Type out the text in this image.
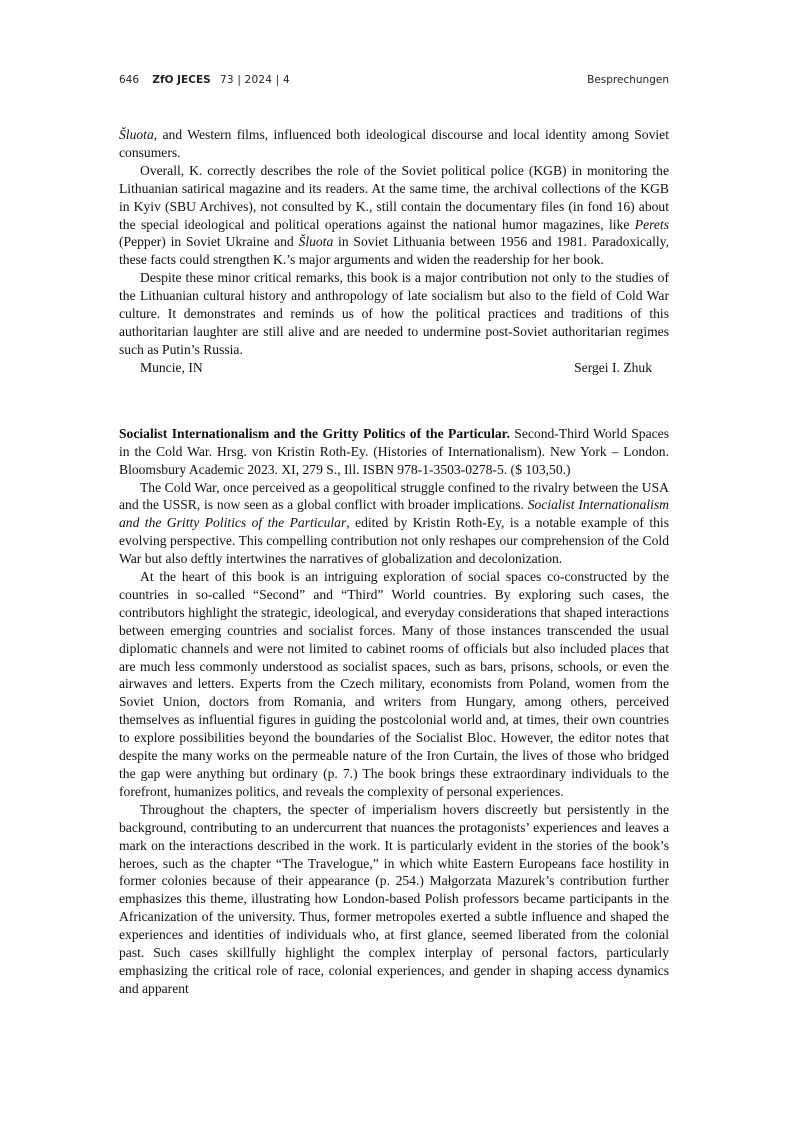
646 ZfO JECES 73 | 2024 | 4	Besprechungen

Šluota, and Western films, influenced both ideological discourse and local identity among Soviet consumers.

Overall, K. correctly describes the role of the Soviet political police (KGB) in monitoring the Lithuanian satirical magazine and its readers. At the same time, the archival collections of the KGB in Kyiv (SBU Archives), not consulted by K., still contain the documentary files (in fond 16) about the special ideological and political operations against the national humor magazines, like Perets (Pepper) in Soviet Ukraine and Šluota in Soviet Lithuania between 1956 and 1981. Paradoxically, these facts could strengthen K.’s major arguments and widen the readership for her book.

Despite these minor critical remarks, this book is a major contribution not only to the studies of the Lithuanian cultural history and anthropology of late socialism but also to the field of Cold War culture. It demonstrates and reminds us of how the political practices and traditions of this authoritarian laughter are still alive and are needed to undermine post-Soviet authoritarian regimes such as Putin’s Russia.

Muncie, IN	Sergei I. Zhuk

Socialist Internationalism and the Gritty Politics of the Particular. Second-Third World Spaces in the Cold War. Hrsg. von Kristin Roth-Ey. (Histories of Internationalism). New York – London. Bloomsbury Academic 2023. XI, 279 S., Ill. ISBN 978-1-3503-0278-5. ($ 103,50.)

The Cold War, once perceived as a geopolitical struggle confined to the rivalry between the USA and the USSR, is now seen as a global conflict with broader implications. Socialist Internationalism and the Gritty Politics of the Particular, edited by Kristin Roth-Ey, is a notable example of this evolving perspective. This compelling contribution not only reshapes our comprehension of the Cold War but also deftly intertwines the narratives of globalization and decolonization.

At the heart of this book is an intriguing exploration of social spaces co-constructed by the countries in so-called “Second” and “Third” World countries. By exploring such cases, the contributors highlight the strategic, ideological, and everyday considerations that shaped interactions between emerging countries and socialist forces. Many of those instances transcended the usual diplomatic channels and were not limited to cabinet rooms of officials but also included places that are much less commonly understood as socialist spaces, such as bars, prisons, schools, or even the airwaves and letters. Experts from the Czech military, economists from Poland, women from the Soviet Union, doctors from Romania, and writers from Hungary, among others, perceived themselves as influential figures in guiding the postcolonial world and, at times, their own countries to explore possibilities beyond the boundaries of the Socialist Bloc. However, the editor notes that despite the many works on the permeable nature of the Iron Curtain, the lives of those who bridged the gap were anything but ordinary (p. 7.) The book brings these extraordinary individuals to the forefront, humanizes politics, and reveals the complexity of personal experiences.

Throughout the chapters, the specter of imperialism hovers discreetly but persistently in the background, contributing to an undercurrent that nuances the protagonists’ experiences and leaves a mark on the interactions described in the work. It is particularly evident in the stories of the book’s heroes, such as the chapter “The Travelogue,” in which white Eastern Europeans face hostility in former colonies because of their appearance (p. 254.) Małgorzata Mazurek’s contribution further emphasizes this theme, illustrating how London-based Polish professors became participants in the Africanization of the university. Thus, former metropoles exerted a subtle influence and shaped the experiences and identities of individuals who, at first glance, seemed liberated from the colonial past. Such cases skillfully highlight the complex interplay of personal factors, particularly emphasizing the critical role of race, colonial experiences, and gender in shaping access dynamics and apparent
